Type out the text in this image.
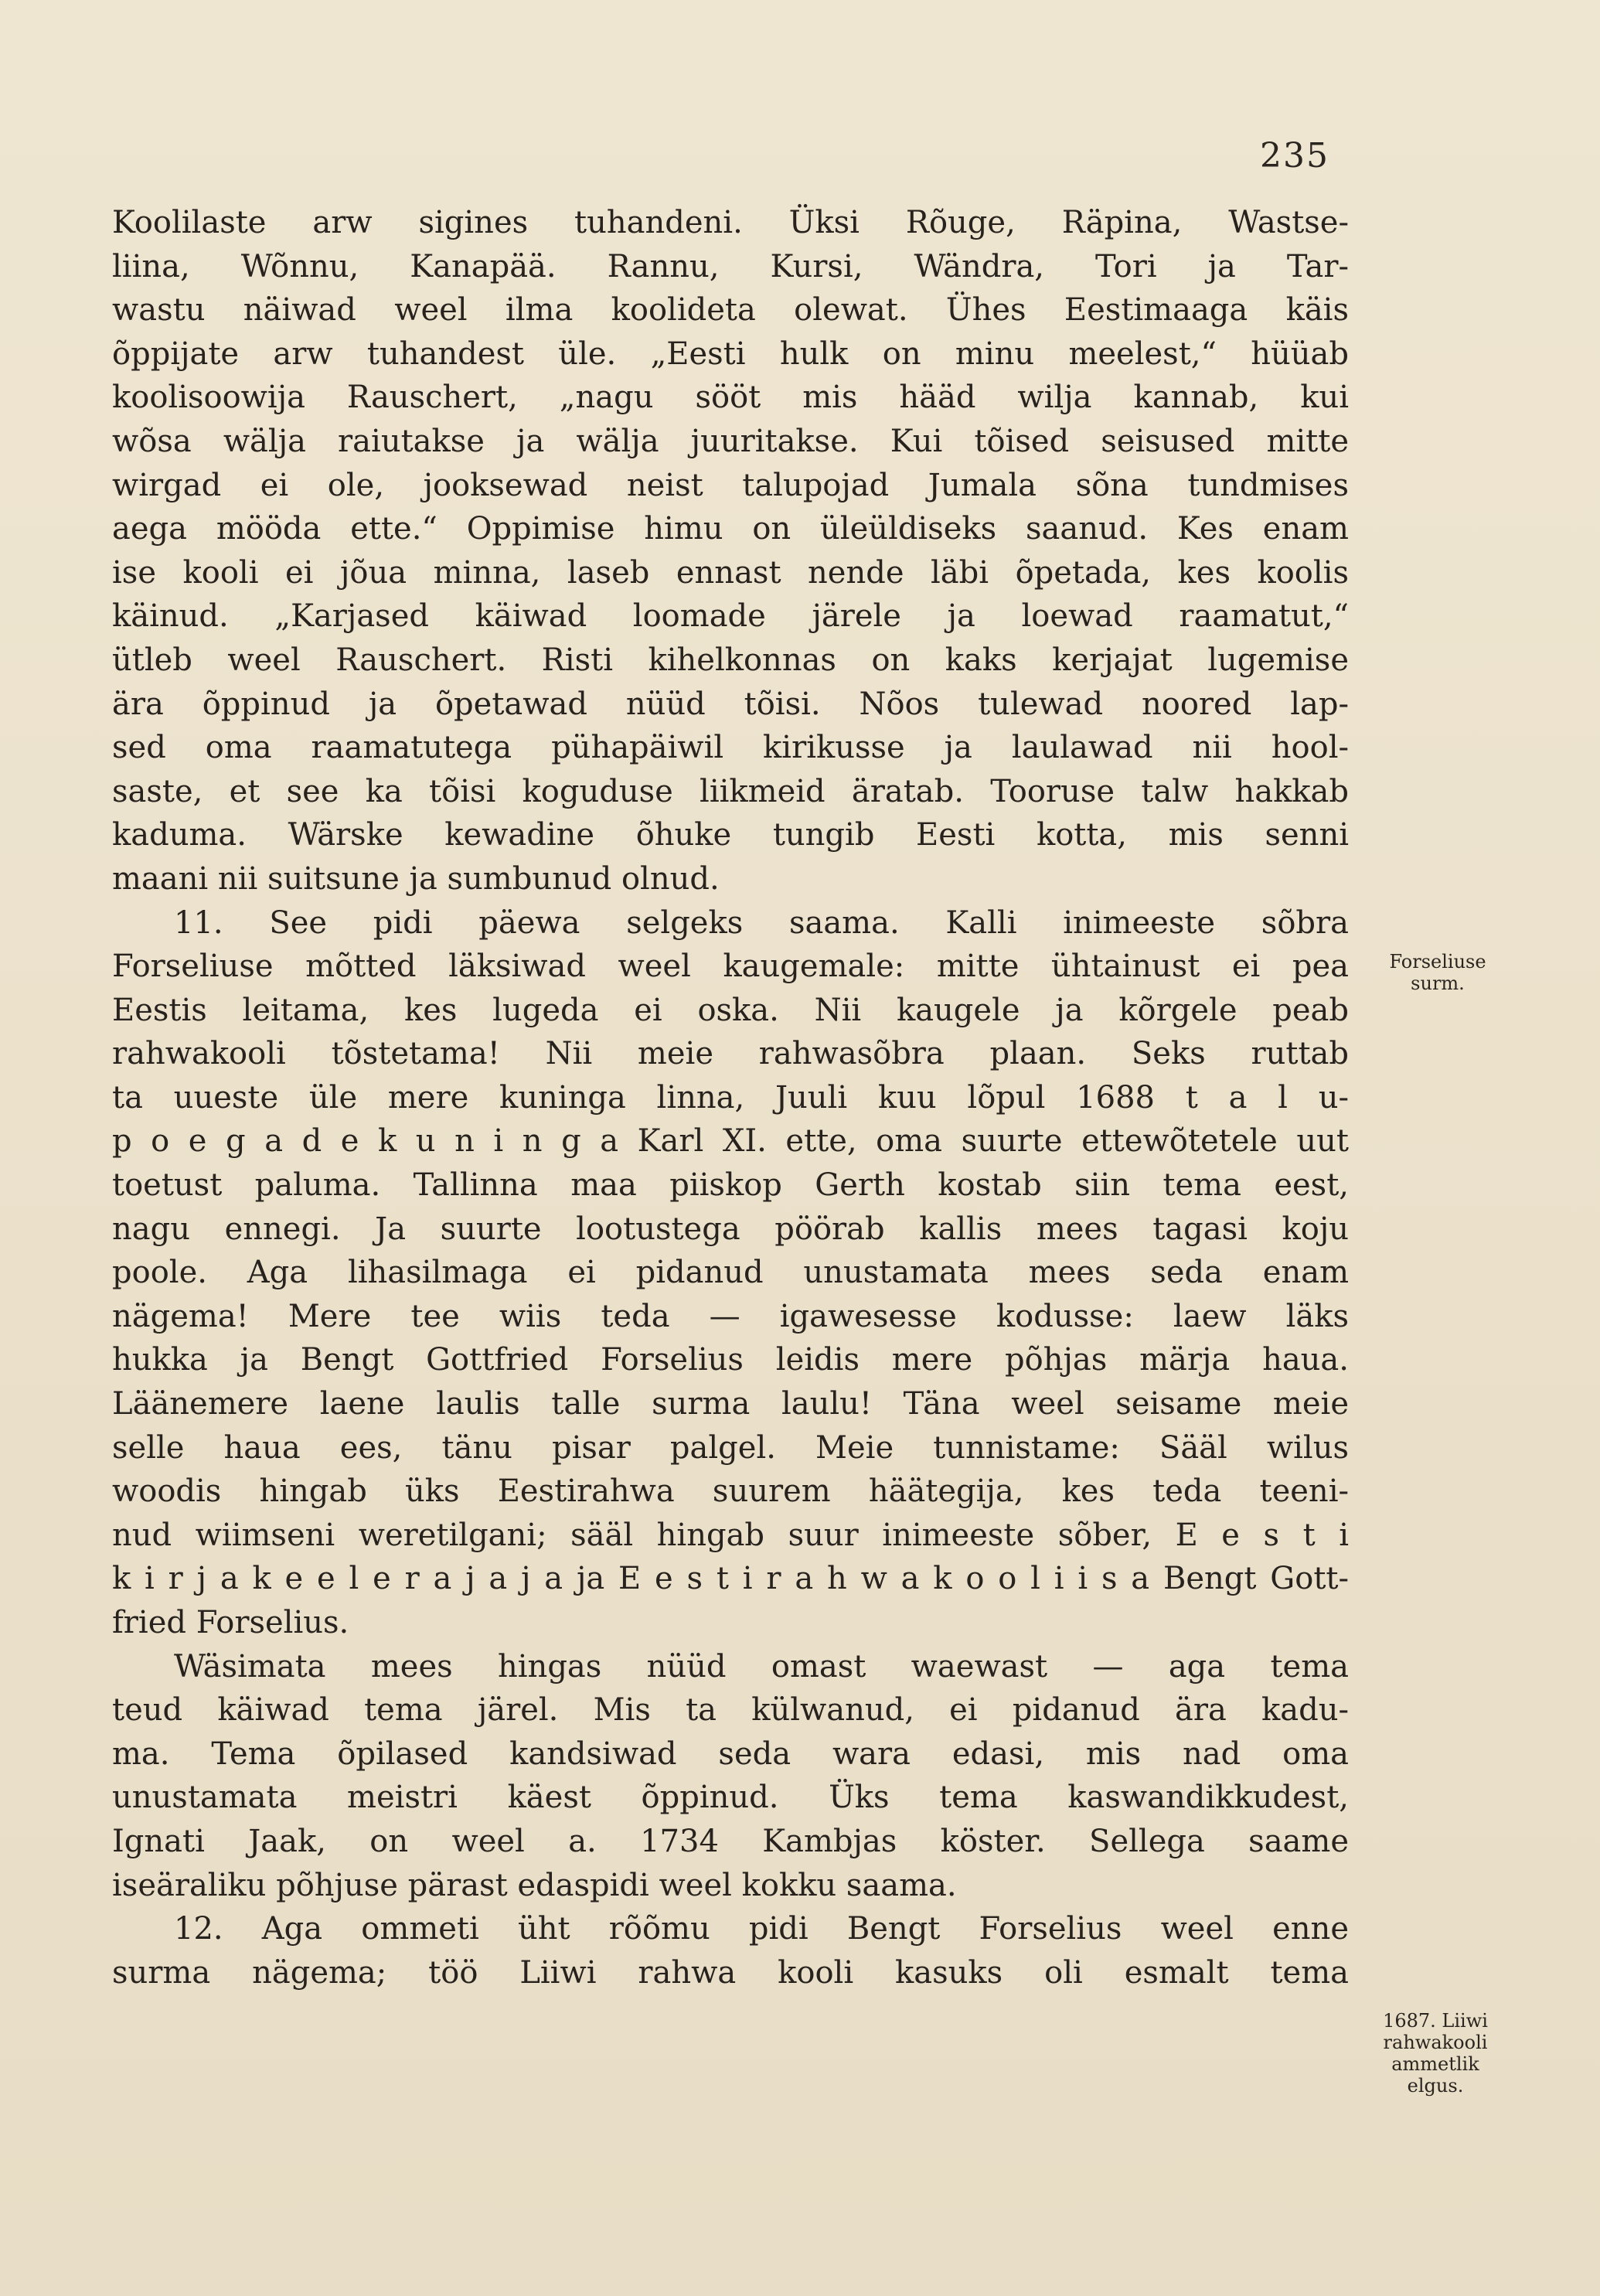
235
Koolilaste arw sigines tuhandeni. Üksi Rõuge, Räpina, Wastse-
liina, Wõnnu, Kanapää. Rannu, Kursi, Wändra, Tori ja Tar-
wastu näiwad weel ilma koolideta olewat. Ühes Eestimaaga käis
õppijate arw tuhandest üle. „Eesti hulk on minu meelest,“ hüüab
koolisoowija Rauschert, „nagu sööt mis hääd wilja kannab, kui
wõsa wälja raiutakse ja wälja juuritakse. Kui tõised seisused mitte
wirgad ei ole, jooksewad neist talupojad Jumala sõna tundmises
aega mööda ette.“ Oppimise himu on üleüldiseks saanud. Kes enam
ise kooli ei jõua minna, laseb ennast nende läbi õpetada, kes koolis
käinud. „Karjased käiwad loomade järele ja loewad raamatut,“
ütleb weel Rauschert. Risti kihelkonnas on kaks kerjajat lugemise
ära õppinud ja õpetawad nüüd tõisi. Nõos tulewad noored lap-
sed oma raamatutega pühapäiwil kirikusse ja laulawad nii hool-
saste, et see ka tõisi koguduse liikmeid äratab. Tooruse talw hakkab
kaduma. Wärske kewadine õhuke tungib Eesti kotta, mis senni
maani nii suitsune ja sumbunud olnud.
11. See pidi päewa selgeks saama. Kalli inimeeste sõbra
Forseliuse mõtted läksiwad weel kaugemale: mitte ühtainust ei pea
Eestis leitama, kes lugeda ei oska. Nii kaugele ja kõrgele peab
rahwakooli tõstetama! Nii meie rahwasõbra plaan. Seks ruttab
ta uueste üle mere kuninga linna, Juuli kuu lõpul 1688 t a l u-
p o e g a d e k u n i n g a Karl XI. ette, oma suurte ettewõtetele uut
toetust paluma. Tallinna maa piiskop Gerth kostab siin tema eest,
nagu ennegi. Ja suurte lootustega pöörab kallis mees tagasi koju
poole. Aga lihasilmaga ei pidanud unustamata mees seda enam
nägema! Mere tee wiis teda — igawesesse kodusse: laew läks
hukka ja Bengt Gottfried Forselius leidis mere põhjas märja haua.
Läänemere laene laulis talle surma laulu! Täna weel seisame meie
selle haua ees, tänu pisar palgel. Meie tunnistame: Sääl wilus
woodis hingab üks Eestirahwa suurem häätegija, kes teda teeni-
nud wiimseni weretilgani; sääl hingab suur inimeeste sõber, E e s t i
k i r j a k e e l e r a j a j a ja E e s t i r a h w a k o o l i i s a Bengt Gott-
fried Forselius.
Wäsimata mees hingas nüüd omast waewast — aga tema
teud käiwad tema järel. Mis ta külwanud, ei pidanud ära kadu-
ma. Tema õpilased kandsiwad seda wara edasi, mis nad oma
unustamata meistri käest õppinud. Üks tema kaswandikkudest,
Ignati Jaak, on weel a. 1734 Kambjas köster. Sellega saame
iseäraliku põhjuse pärast edaspidi weel kokku saama.
12. Aga ommeti üht rõõmu pidi Bengt Forselius weel enne
surma nägema; töö Liiwi rahwa kooli kasuks oli esmalt tema
Forseliuse
surm.
1687. Liiwi
rahwakooli
ammetlik
elgus.
